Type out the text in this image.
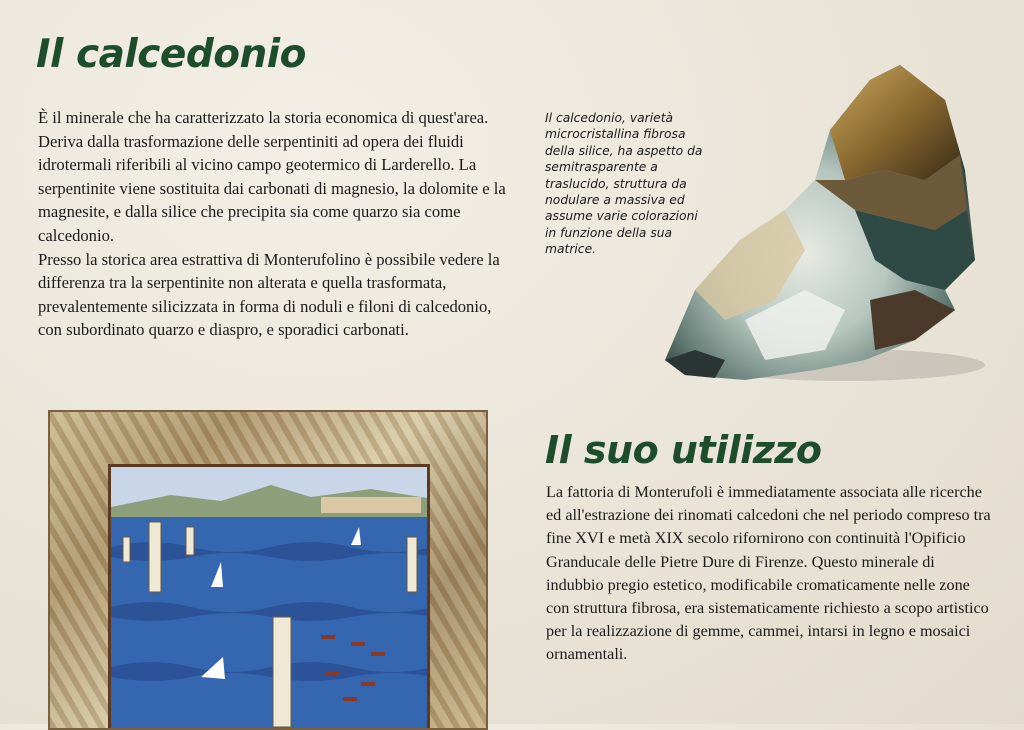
Il calcedonio

È il minerale che ha caratterizzato la storia economica di quest'area. Deriva dalla trasformazione delle serpentiniti ad opera dei fluidi idrotermali riferibili al vicino campo geotermico di Larderello. La serpentinite viene sostituita dai carbonati di magnesio, la dolomite e la magnesite, e dalla silice che precipita sia come quarzo sia come calcedonio.

Presso la storica area estrattiva di Monterufolino è possibile vedere la differenza tra la serpentinite non alterata e quella trasformata, prevalentemente silicizzata in forma di noduli e filoni di calcedonio, con subordinato quarzo e diaspro, e sporadici carbonati.

Il calcedonio, varietà microcristallina fibrosa della silice, ha aspetto da semitrasparente a traslucido, struttura da nodulare a massiva ed assume varie colorazioni in funzione della sua matrice.
Il suo utilizzo
La fattoria di Monterufoli è immediatamente associata alle ricerche ed all'estrazione dei rinomati calcedoni che nel periodo compreso tra fine XVI e metà XIX secolo rifornirono con continuità l'Opificio Granducale delle Pietre Dure di Firenze. Questo minerale di indubbio pregio estetico, modificabile cromaticamente nelle zone con struttura fibrosa, era sistematicamente richiesto a scopo artistico per la realizzazione di gemme, cammei, intarsi in legno e mosaici ornamentali.
